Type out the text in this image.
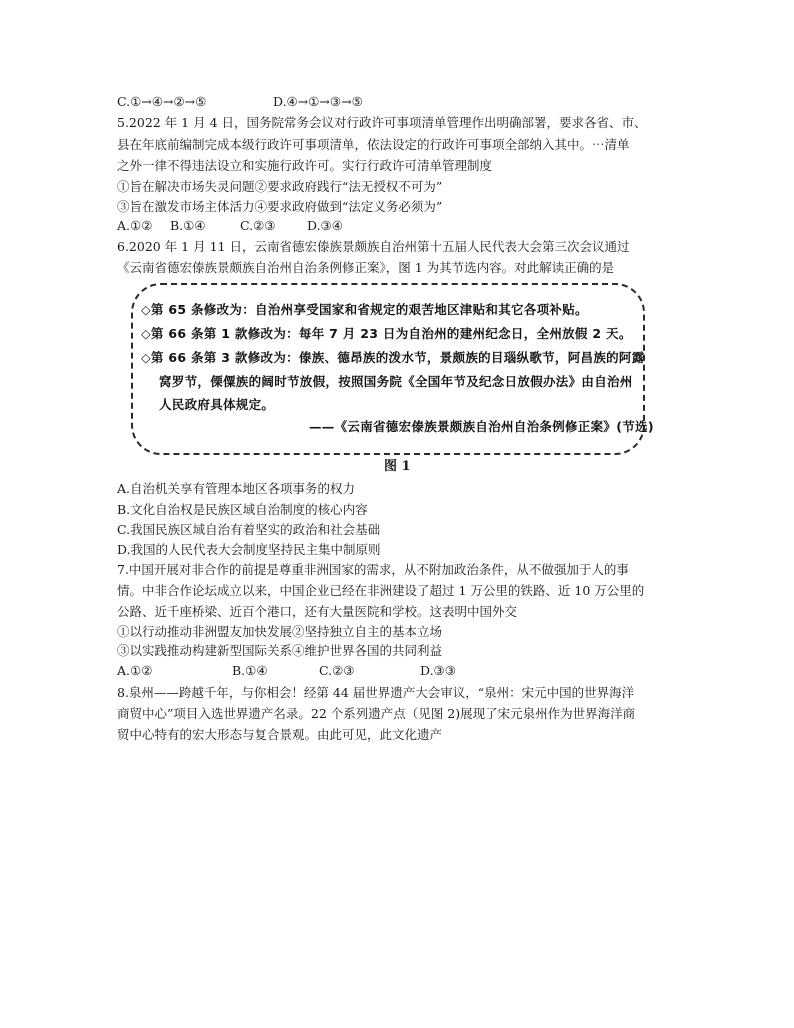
C.①→④→②→⑤	D.④→①→③→⑤
5.2022 年 1 月 4 日，国务院常务会议对行政许可事项清单管理作出明确部署，要求各省、市、
县在年底前编制完成本级行政许可事项清单，依法设定的行政许可事项全部纳入其中。⋯清单
之外一律不得违法设立和实施行政许可。实行行政许可清单管理制度
①旨在解决市场失灵问题②要求政府践行“法无授权不可为”
③旨在激发市场主体活力④要求政府做到“法定义务必须为”
A.①② B.①④	C.②③	D.③④
6.2020 年 1 月 11 日，云南省德宏傣族景颇族自治州第十五届人民代表大会第三次会议通过
《云南省德宏傣族景颇族自治州自治条例修正案》，图 1 为其节选内容。对此解读正确的是
◇第 65 条修改为：自治州享受国家和省规定的艰苦地区津贴和其它各项补贴。
◇第 66 条第 1 款修改为：每年 7 月 23 日为自治州的建州纪念日，全州放假 2 天。
◇第 66 条第 3 款修改为：傣族、德昂族的泼水节，景颇族的目瑙纵歌节，阿昌族的阿露
窝罗节，傈僳族的阔时节放假，按照国务院《全国年节及纪念日放假办法》由自治州
人民政府具体规定。
——《云南省德宏傣族景颇族自治州自治条例修正案》(节选)
图 1
A.自治机关享有管理本地区各项事务的权力
B.文化自治权是民族区域自治制度的核心内容
C.我国民族区域自治有着坚实的政治和社会基础
D.我国的人民代表大会制度坚持民主集中制原则
7.中国开展对非合作的前提是尊重非洲国家的需求，从不附加政治条件，从不做强加于人的事
情。中非合作论坛成立以来，中国企业已经在非洲建设了超过 1 万公里的铁路、近 10 万公里的
公路、近千座桥梁、近百个港口，还有大量医院和学校。这表明中国外交
①以行动推动非洲盟友加快发展②坚持独立自主的基本立场
③以实践推动构建新型国际关系④维护世界各国的共同利益
A.①②	B.①④	C.②③	D.③③
8.泉州——跨越千年，与你相会！经第 44 届世界遗产大会审议，“泉州：宋元中国的世界海洋
商贸中心”项目入选世界遗产名录。22 个系列遗产点（见图 2)展现了宋元泉州作为世界海洋商
贸中心特有的宏大形态与复合景观。由此可见，此文化遗产
